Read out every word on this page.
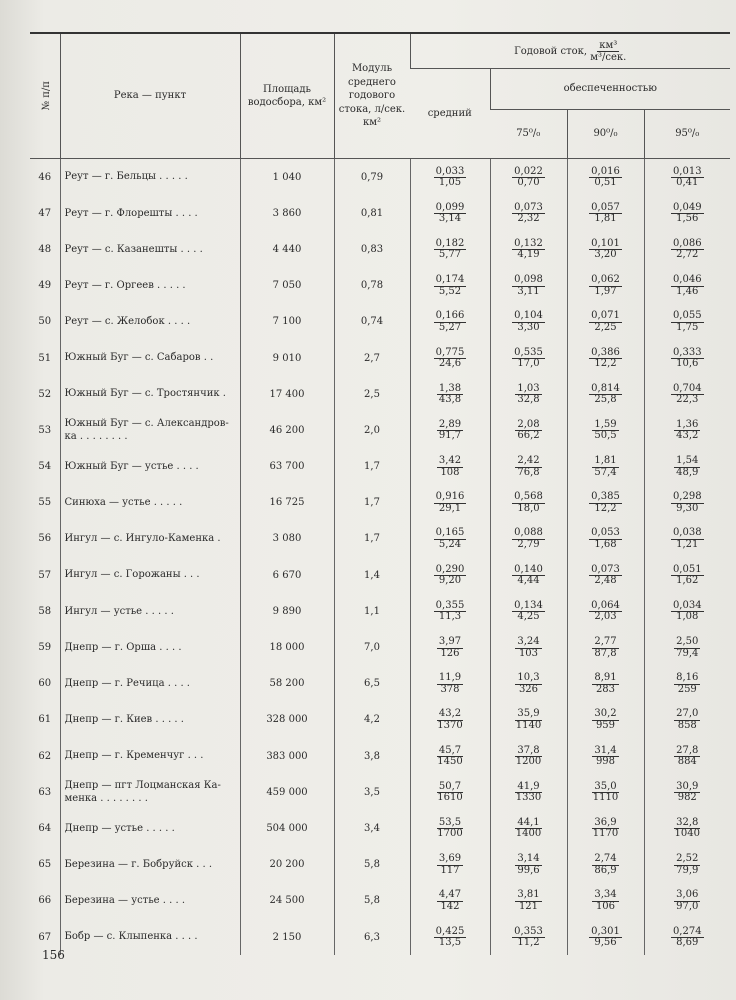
№ п/п	Река — пункт	Площадь водосбора, км²	Модуль среднего годового стока, л/сек. км²	Годовой сток,
км³
м³/сек.			

				средний	обеспеченностью		
					75⁰/₀	90⁰/₀	95⁰/₀
46	Реут — г. Бельцы . . . . .	1 040	0,79	$\frac{0,033}{1,05}$	$\frac{0,022}{0,70}$	$\frac{0,016}{0,51}$	$\frac{0,013}{0,41}$

47	Реут — г. Флорешты . . . .	3 860	0,81	$\frac{0,099}{3,14}$	$\frac{0,073}{2,32}$	$\frac{0,057}{1,81}$	$\frac{0,049}{1,56}$

48	Реут — с. Казанешты . . . .	4 440	0,83	$\frac{0,182}{5,77}$	$\frac{0,132}{4,19}$	$\frac{0,101}{3,20}$	$\frac{0,086}{2,72}$

49	Реут — г. Оргеев . . . . .	7 050	0,78	$\frac{0,174}{5,52}$	$\frac{0,098}{3,11}$	$\frac{0,062}{1,97}$	$\frac{0,046}{1,46}$

50	Реут — с. Желобок . . . .	7 100	0,74	$\frac{0,166}{5,27}$	$\frac{0,104}{3,30}$	$\frac{0,071}{2,25}$	$\frac{0,055}{1,75}$

51	Южный Буг — с. Сабаров . .	9 010	2,7	$\frac{0,775}{24,6}$	$\frac{0,535}{17,0}$	$\frac{0,386}{12,2}$	$\frac{0,333}{10,6}$

52	Южный Буг — с. Тростянчик .	17 400	2,5	$\frac{1,38}{43,8}$	$\frac{1,03}{32,8}$	$\frac{0,814}{25,8}$	$\frac{0,704}{22,3}$

53	Южный Буг — с. Александров-ка . . . . . . . .	46 200	2,0	$\frac{2,89}{91,7}$	$\frac{2,08}{66,2}$	$\frac{1,59}{50,5}$	$\frac{1,36}{43,2}$

54	Южный Буг — устье . . . .	63 700	1,7	$\frac{3,42}{108}$	$\frac{2,42}{76,8}$	$\frac{1,81}{57,4}$	$\frac{1,54}{48,9}$

55	Синюха — устье . . . . .	16 725	1,7	$\frac{0,916}{29,1}$	$\frac{0,568}{18,0}$	$\frac{0,385}{12,2}$	$\frac{0,298}{9,30}$

56	Ингул — с. Ингуло-Каменка .	3 080	1,7	$\frac{0,165}{5,24}$	$\frac{0,088}{2,79}$	$\frac{0,053}{1,68}$	$\frac{0,038}{1,21}$

57	Ингул — с. Горожаны . . .	6 670	1,4	$\frac{0,290}{9,20}$	$\frac{0,140}{4,44}$	$\frac{0,073}{2,48}$	$\frac{0,051}{1,62}$

58	Ингул — устье . . . . .	9 890	1,1	$\frac{0,355}{11,3}$	$\frac{0,134}{4,25}$	$\frac{0,064}{2,03}$	$\frac{0,034}{1,08}$

59	Днепр — г. Орша . . . .	18 000	7,0	$\frac{3,97}{126}$	$\frac{3,24}{103}$	$\frac{2,77}{87,8}$	$\frac{2,50}{79,4}$

60	Днепр — г. Речица . . . .	58 200	6,5	$\frac{11,9}{378}$	$\frac{10,3}{326}$	$\frac{8,91}{283}$	$\frac{8,16}{259}$

61	Днепр — г. Киев . . . . .	328 000	4,2	$\frac{43,2}{1370}$	$\frac{35,9}{1140}$	$\frac{30,2}{959}$	$\frac{27,0}{858}$

62	Днепр — г. Кременчуг . . .	383 000	3,8	$\frac{45,7}{1450}$	$\frac{37,8}{1200}$	$\frac{31,4}{998}$	$\frac{27,8}{884}$

63	Днепр — пгт Лоцманская Ка-менка . . . . . . . .	459 000	3,5	$\frac{50,7}{1610}$	$\frac{41,9}{1330}$	$\frac{35,0}{1110}$	$\frac{30,9}{982}$

64	Днепр — устье . . . . .	504 000	3,4	$\frac{53,5}{1700}$	$\frac{44,1}{1400}$	$\frac{36,9}{1170}$	$\frac{32,8}{1040}$

65	Березина — г. Бобруйск . . .	20 200	5,8	$\frac{3,69}{117}$	$\frac{3,14}{99,6}$	$\frac{2,74}{86,9}$	$\frac{2,52}{79,9}$

66	Березина — устье . . . .	24 500	5,8	$\frac{4,47}{142}$	$\frac{3,81}{121}$	$\frac{3,34}{106}$	$\frac{3,06}{97,0}$

67	Бобр — с. Клыпенка . . . .	2 150	6,3	$\frac{0,425}{13,5}$	$\frac{0,353}{11,2}$	$\frac{0,301}{9,56}$	$\frac{0,274}{8,69}$
156
